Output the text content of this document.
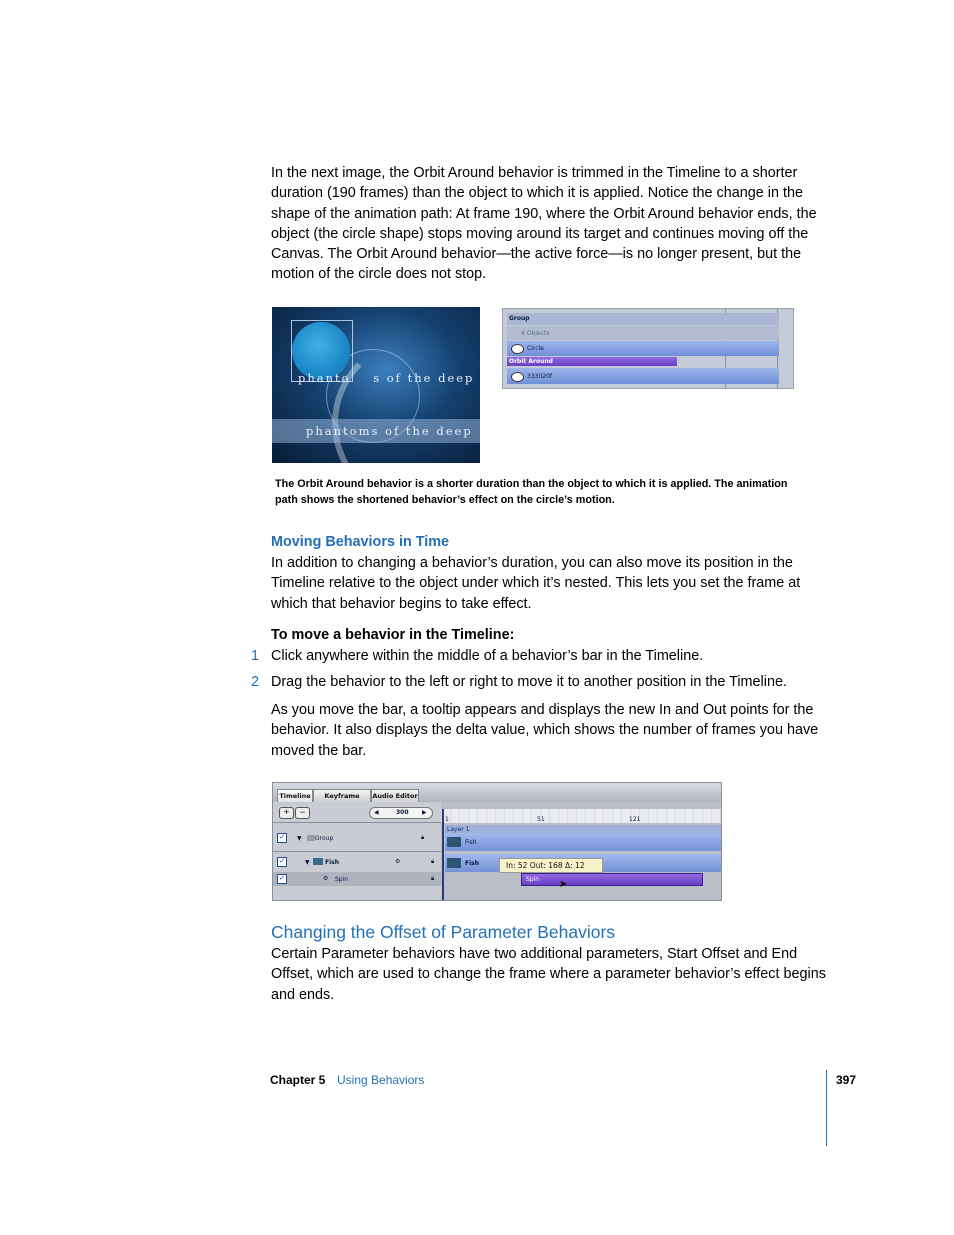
In the next image, the Orbit Around behavior is trimmed in the Timeline to a shorter duration (190 frames) than the object to which it is applied. Notice the change in the shape of the animation path: At frame 190, where the Orbit Around behavior ends, the object (the circle shape) stops moving around its target and continues moving off the Canvas. The Orbit Around behavior—the active force—is no longer present, but the motion of the circle does not stop.

phanto    s of the deep
phantoms of the deep
Group
4 Objects
Circle
Orbit Around
333020f
The Orbit Around behavior is a shorter duration than the object to which it is applied. The animation
path shows the shortened behavior’s effect on the circle’s motion.
Moving Behaviors in Time

In addition to changing a behavior’s duration, you can also move its position in the Timeline relative to the object under which it’s nested. This lets you set the frame at which that behavior begins to take effect.

To move a behavior in the Timeline:
1 Click anywhere within the middle of a behavior’s bar in the Timeline.
2 Drag the behavior to the left or right to move it to another position in the Timeline.

As you move the bar, a tooltip appears and displays the new In and Out points for the behavior. It also displays the delta value, which shows the number of frames you have moved the bar.

Timeline	Keyframe	Audio Editor
+	−	◀	300 ▶
✓	▼ Group	🔒︎
✓	▼	Fish	⚙	🔒︎
✓	⚙ Spin	🔒︎
1	51	121
Layer 1
Fish
Fish
Spin
In: 52 Out: 168 Δ: 12
➤
Changing the Offset of Parameter Behaviors

Certain Parameter behaviors have two additional parameters, Start Offset and End Offset, which are used to change the frame where a parameter behavior’s effect begins and ends.

Chapter 5 Using Behaviors	397
